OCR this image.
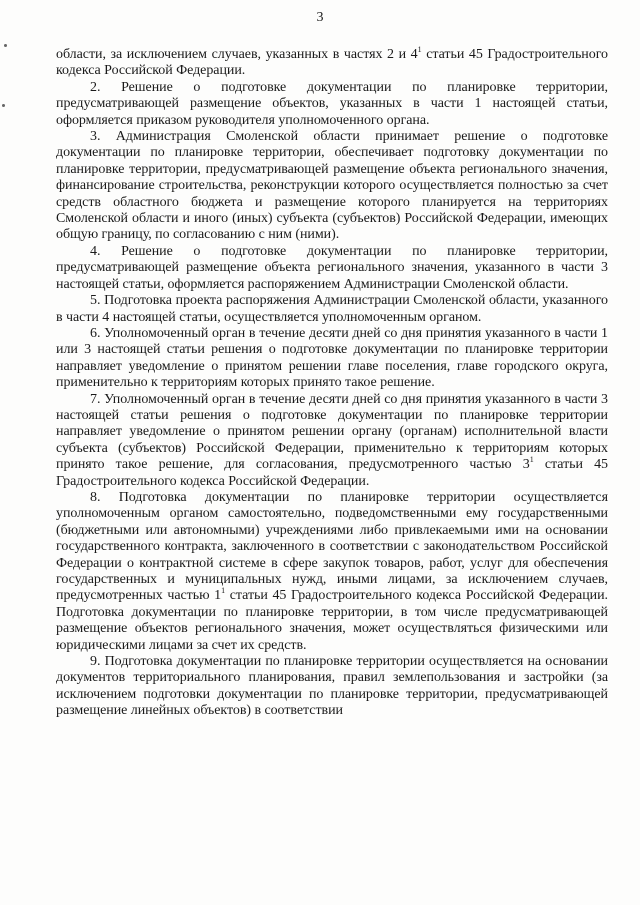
3

области, за исключением случаев, указанных в частях 2 и $4^1$ статьи 45 Градостроительного кодекса Российской Федерации.

2. Решение о подготовке документации по планировке территории, предусматривающей размещение объектов, указанных в части 1 настоящей статьи, оформляется приказом руководителя уполномоченного органа.

3. Администрация Смоленской области принимает решение о подготовке документации по планировке территории, обеспечивает подготовку документации по планировке территории, предусматривающей размещение объекта регионального значения, финансирование строительства, реконструкции которого осуществляется полностью за счет средств областного бюджета и размещение которого планируется на территориях Смоленской области и иного (иных) субъекта (субъектов) Российской Федерации, имеющих общую границу, по согласованию с ним (ними).

4. Решение о подготовке документации по планировке территории, предусматривающей размещение объекта регионального значения, указанного в части 3 настоящей статьи, оформляется распоряжением Администрации Смоленской области.

5. Подготовка проекта распоряжения Администрации Смоленской области, указанного в части 4 настоящей статьи, осуществляется уполномоченным органом.

6. Уполномоченный орган в течение десяти дней со дня принятия указанного в части 1 или 3 настоящей статьи решения о подготовке документации по планировке территории направляет уведомление о принятом решении главе поселения, главе городского округа, применительно к территориям которых принято такое решение.

7. Уполномоченный орган в течение десяти дней со дня принятия указанного в части 3 настоящей статьи решения о подготовке документации по планировке территории направляет уведомление о принятом решении органу (органам) исполнительной власти субъекта (субъектов) Российской Федерации, применительно к территориям которых принято такое решение, для согласования, предусмотренного частью $3^1$ статьи 45 Градостроительного кодекса Российской Федерации.

8. Подготовка документации по планировке территории осуществляется уполномоченным органом самостоятельно, подведомственными ему государственными (бюджетными или автономными) учреждениями либо привлекаемыми ими на основании государственного контракта, заключенного в соответствии с законодательством Российской Федерации о контрактной системе в сфере закупок товаров, работ, услуг для обеспечения государственных и муниципальных нужд, иными лицами, за исключением случаев, предусмотренных частью $1^1$ статьи 45 Градостроительного кодекса Российской Федерации. Подготовка документации по планировке территории, в том числе предусматривающей размещение объектов регионального значения, может осуществляться физическими или юридическими лицами за счет их средств.

9. Подготовка документации по планировке территории осуществляется на основании документов территориального планирования, правил землепользования и застройки (за исключением подготовки документации по планировке территории, предусматривающей размещение линейных объектов) в соответствии
